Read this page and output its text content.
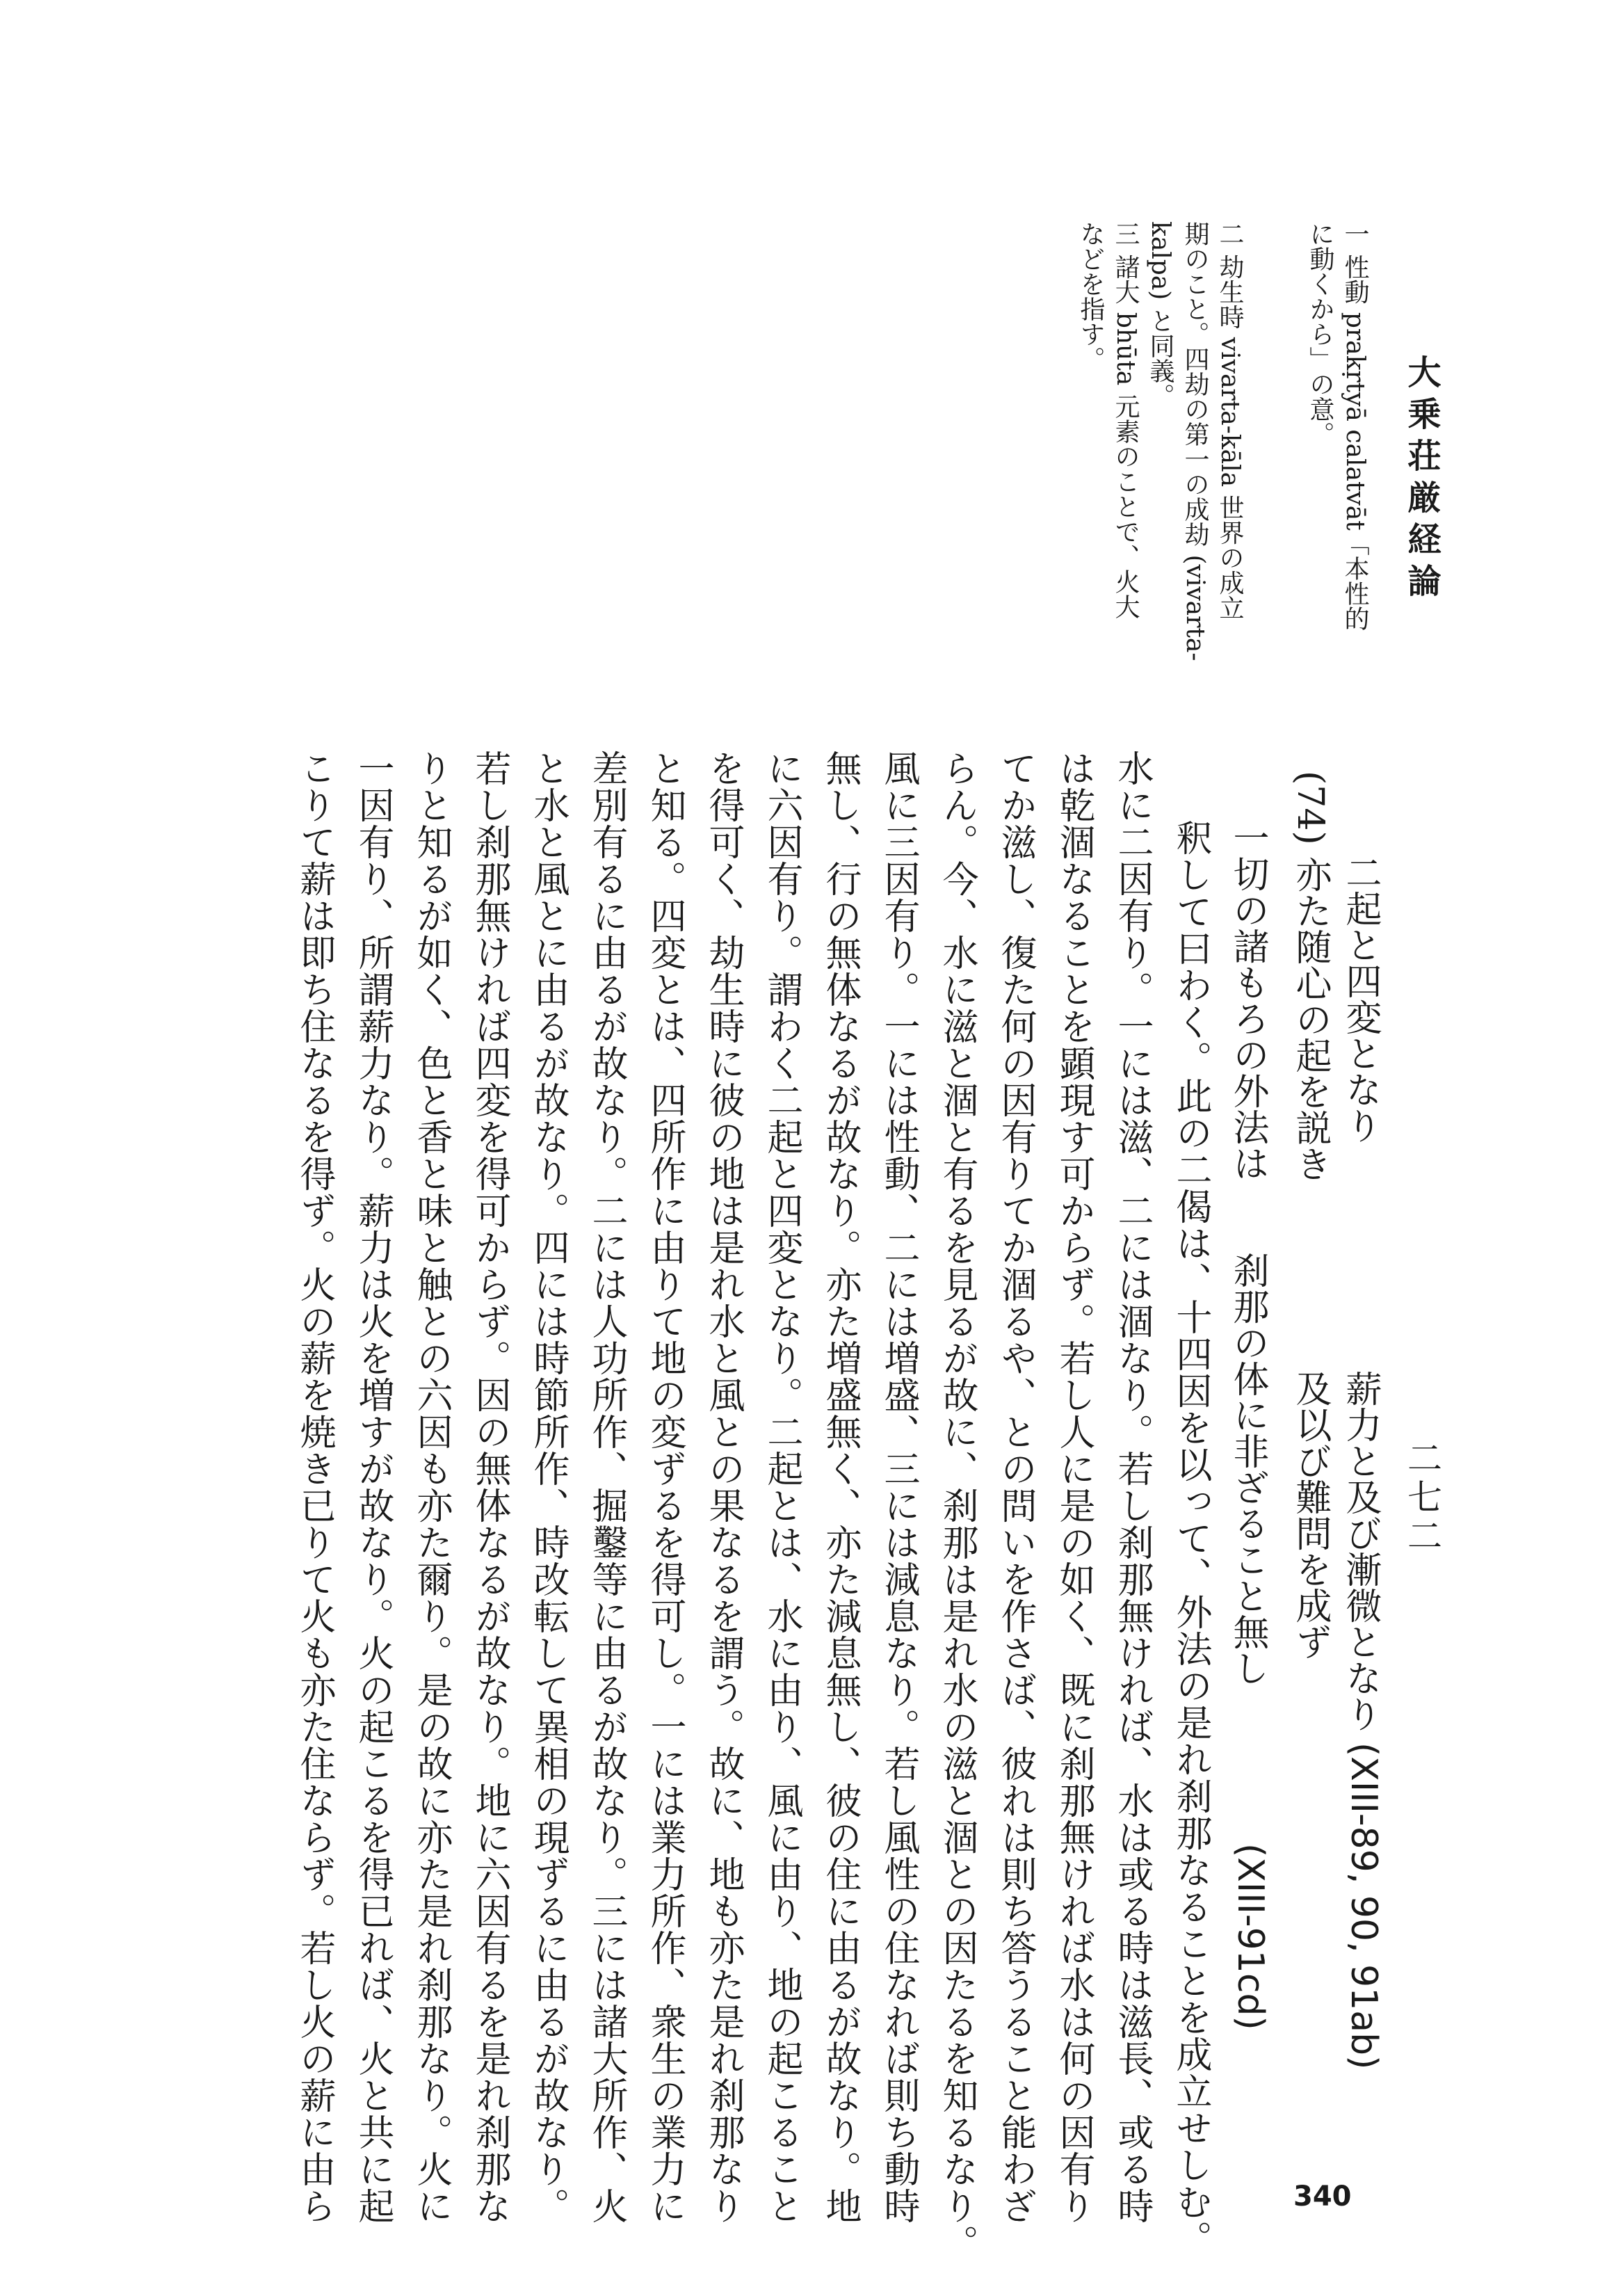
大乗荘厳経論
二七二
340
一 性動 prakṛtyā calatvāt「本性的
に動くから」の意。
二 劫生時 vivarta-kāla 世界の成立
期のこと。四劫の第一の成劫 (vivarta-
kalpa) と同義。
三 諸大 bhūta 元素のことで、火大
などを指す。
二起と四変となり
薪力と及び漸微となり
(XIII-89, 90, 91ab)
(74) 亦た随心の起を説き
及以び難問を成ず
一切の諸もろの外法は
刹那の体に非ざること無し
(XIII-91cd)
釈して曰わく。此の二偈は、十四因を以って、外法の是れ刹那なることを成立せしむ。
水に二因有り。一には滋、二には涸なり。若し刹那無ければ、水は或る時は滋長、或る時
は乾涸なることを顕現す可からず。若し人に是の如く、既に刹那無ければ水は何の因有り
てか滋し、復た何の因有りてか涸るや、との問いを作さば、彼れは則ち答うること能わざ
らん。今、水に滋と涸と有るを見るが故に、刹那は是れ水の滋と涸との因たるを知るなり。
風に三因有り。一には性動、二には増盛、三には減息なり。若し風性の住なれば則ち動時
無し、行の無体なるが故なり。亦た増盛無く、亦た減息無し、彼の住に由るが故なり。地
に六因有り。謂わく二起と四変となり。二起とは、水に由り、風に由り、地の起こること
を得可く、劫生時に彼の地は是れ水と風との果なるを謂う。故に、地も亦た是れ刹那なり
と知る。四変とは、四所作に由りて地の変ずるを得可し。一には業力所作、衆生の業力に
差別有るに由るが故なり。二には人功所作、掘鑿等に由るが故なり。三には諸大所作、火
と水と風とに由るが故なり。四には時節所作、時改転して異相の現ずるに由るが故なり。
若し刹那無ければ四変を得可からず。因の無体なるが故なり。地に六因有るを是れ刹那な
りと知るが如く、色と香と味と触との六因も亦た爾り。是の故に亦た是れ刹那なり。火に
一因有り、所謂薪力なり。薪力は火を増すが故なり。火の起こるを得已れば、火と共に起
こりて薪は即ち住なるを得ず。火の薪を焼き已りて火も亦た住ならず。若し火の薪に由ら
